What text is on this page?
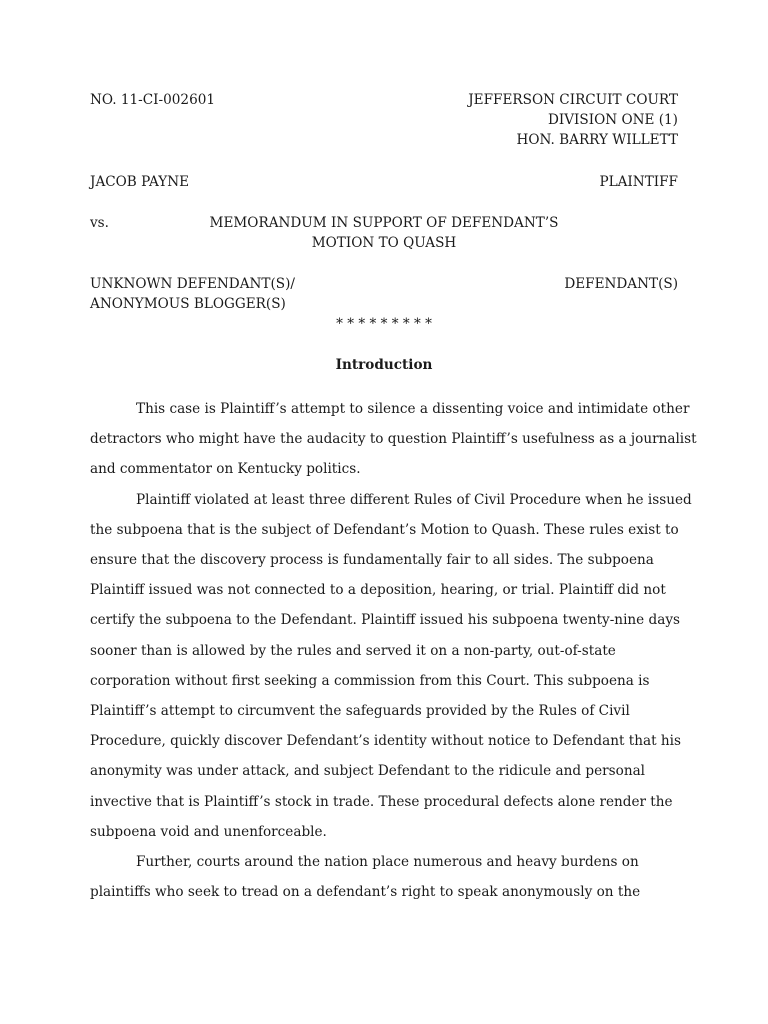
NO. 11-CI-002601	JEFFERSON CIRCUIT COURT
DIVISION ONE (1)
HON. BARRY WILLETT
JACOB PAYNE	PLAINTIFF
vs.	MEMORANDUM IN SUPPORT OF DEFENDANT’S
MOTION TO QUASH
UNKNOWN DEFENDANT(S)/
ANONYMOUS BLOGGER(S)
DEFENDANT(S)
* * * * * * * * *
Introduction

This case is Plaintiff’s attempt to silence a dissenting voice and intimidate other
detractors who might have the audacity to question Plaintiff’s usefulness as a journalist
and commentator on Kentucky politics.

Plaintiff violated at least three different Rules of Civil Procedure when he issued
the subpoena that is the subject of Defendant’s Motion to Quash. These rules exist to
ensure that the discovery process is fundamentally fair to all sides. The subpoena
Plaintiff issued was not connected to a deposition, hearing, or trial. Plaintiff did not
certify the subpoena to the Defendant. Plaintiff issued his subpoena twenty-nine days
sooner than is allowed by the rules and served it on a non-party, out-of-state
corporation without first seeking a commission from this Court. This subpoena is
Plaintiff’s attempt to circumvent the safeguards provided by the Rules of Civil
Procedure, quickly discover Defendant’s identity without notice to Defendant that his
anonymity was under attack, and subject Defendant to the ridicule and personal
invective that is Plaintiff’s stock in trade. These procedural defects alone render the
subpoena void and unenforceable.

Further, courts around the nation place numerous and heavy burdens on
plaintiffs who seek to tread on a defendant’s right to speak anonymously on the
